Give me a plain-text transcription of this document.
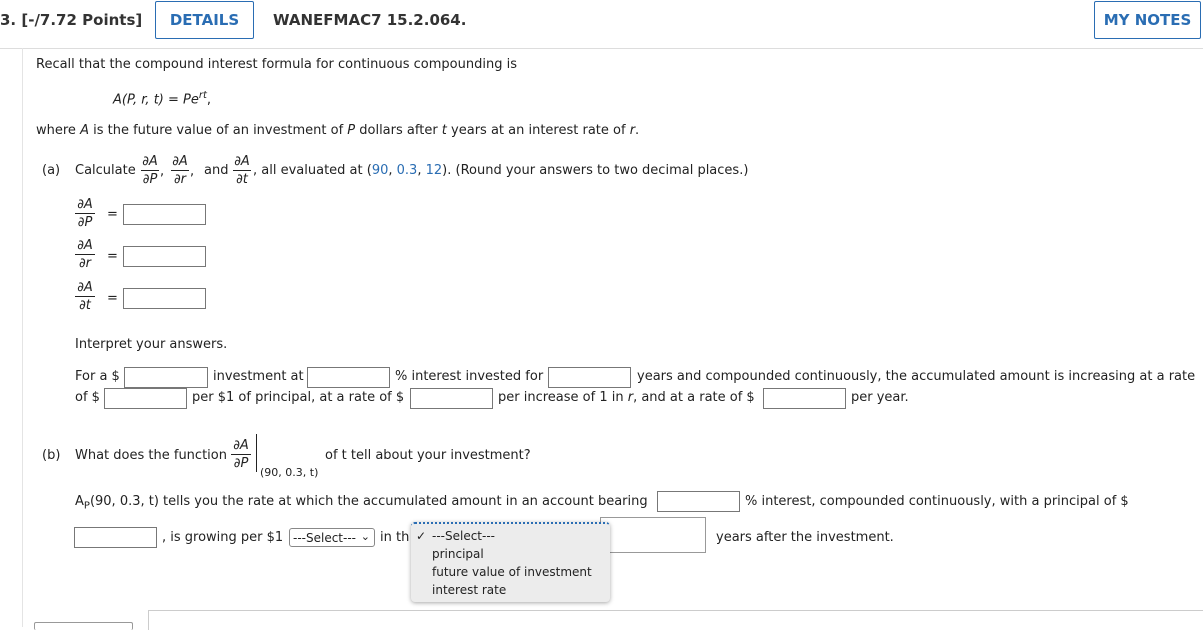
3. [-/7.72 Points]	DETAILS	WANEFMAC7 15.2.064.	MY NOTES
Recall that the compound interest formula for continuous compounding is
A(P, r, $t) = Pe^{rt}$,
where A is the future value of an investment of P dollars after t years at an interest rate of r.
(a) Calculate
∂A
∂P
,
∂A
∂r
, and
∂A
∂t
, all evaluated at (90, 0.3, 12). (Round your answers to two decimal places.)
∂A
∂P
=
∂A
∂r	=
∂A
∂t	=
Interpret your answers.
For a $	investment at	% interest invested for	years and compounded continuously, the accumulated amount is increasing at a rate
of $	per $1 of principal, at a rate of $	per increase of 1 in r, and at a rate of $	per year.
(b) What does the function
∂A
∂P
(90, 0.3, t)
of t tell about your investment?
$A_P(90$, 0.3, t) tells you the rate at which the accumulated amount in an account bearing	% interest, compounded continuously, with a principal of $
, is growing per $1 ---Select--- ⌄ in th	years after the investment.
✓ ---Select---
principal
future value of investment
interest rate
